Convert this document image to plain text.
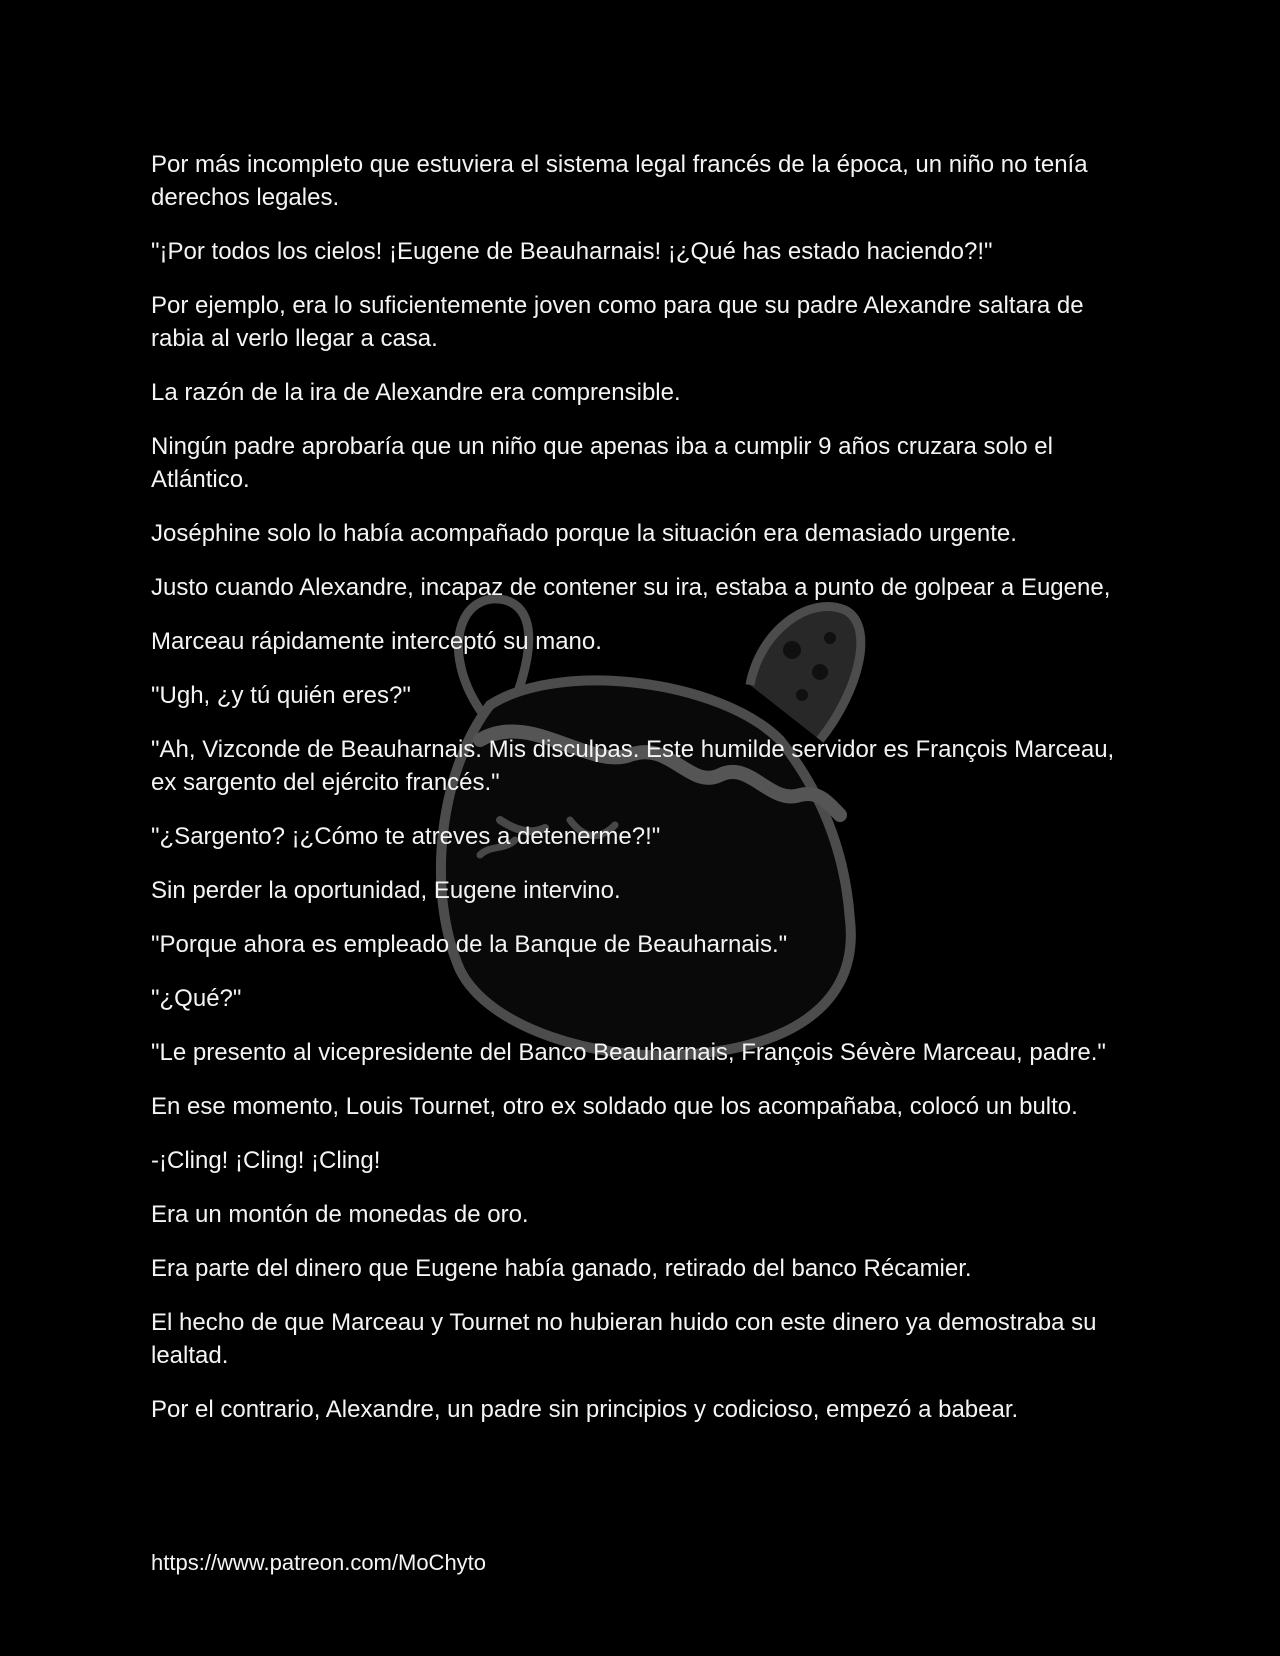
Por más incompleto que estuviera el sistema legal francés de la época, un niño no tenía derechos legales.

"¡Por todos los cielos! ¡Eugene de Beauharnais! ¡¿Qué has estado haciendo?!"

Por ejemplo, era lo suficientemente joven como para que su padre Alexandre saltara de rabia al verlo llegar a casa.

La razón de la ira de Alexandre era comprensible.

Ningún padre aprobaría que un niño que apenas iba a cumplir 9 años cruzara solo el Atlántico.

Joséphine solo lo había acompañado porque la situación era demasiado urgente.

Justo cuando Alexandre, incapaz de contener su ira, estaba a punto de golpear a Eugene,

Marceau rápidamente interceptó su mano.

"Ugh, ¿y tú quién eres?"

"Ah, Vizconde de Beauharnais. Mis disculpas. Este humilde servidor es François Marceau, ex sargento del ejército francés."

"¿Sargento? ¡¿Cómo te atreves a detenerme?!"

Sin perder la oportunidad, Eugene intervino.

"Porque ahora es empleado de la Banque de Beauharnais."

"¿Qué?"

"Le presento al vicepresidente del Banco Beauharnais, François Sévère Marceau, padre."

En ese momento, Louis Tournet, otro ex soldado que los acompañaba, colocó un bulto.

-¡Cling! ¡Cling! ¡Cling!

Era un montón de monedas de oro.

Era parte del dinero que Eugene había ganado, retirado del banco Récamier.

El hecho de que Marceau y Tournet no hubieran huido con este dinero ya demostraba su lealtad.

Por el contrario, Alexandre, un padre sin principios y codicioso, empezó a babear.

https://www.patreon.com/MoChyto
